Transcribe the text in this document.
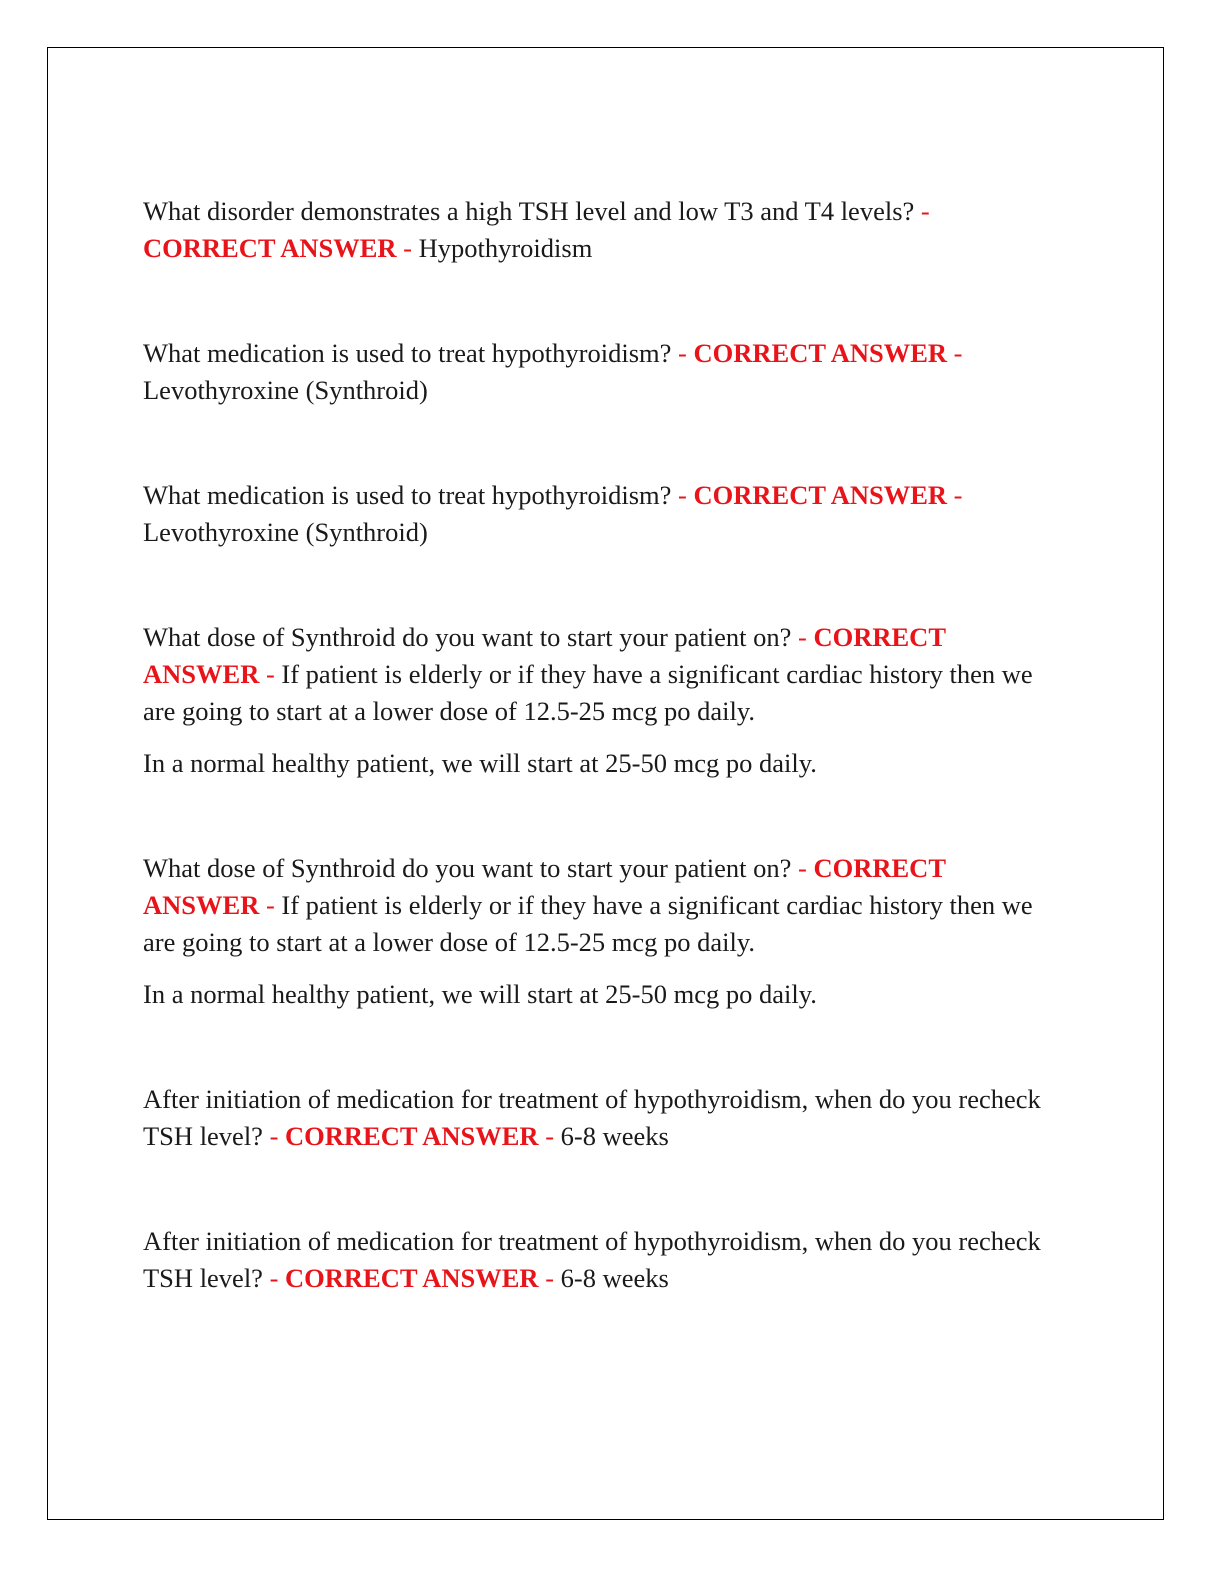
What disorder demonstrates a high TSH level and low T3 and T4 levels? - CORRECT ANSWER - Hypothyroidism

What medication is used to treat hypothyroidism? - CORRECT ANSWER - Levothyroxine (Synthroid)

What medication is used to treat hypothyroidism? - CORRECT ANSWER - Levothyroxine (Synthroid)

What dose of Synthroid do you want to start your patient on? - CORRECT ANSWER - If patient is elderly or if they have a significant cardiac history then we are going to start at a lower dose of 12.5-25 mcg po daily.

In a normal healthy patient, we will start at 25-50 mcg po daily.

What dose of Synthroid do you want to start your patient on? - CORRECT ANSWER - If patient is elderly or if they have a significant cardiac history then we are going to start at a lower dose of 12.5-25 mcg po daily.

In a normal healthy patient, we will start at 25-50 mcg po daily.

After initiation of medication for treatment of hypothyroidism, when do you recheck TSH level? - CORRECT ANSWER - 6-8 weeks

After initiation of medication for treatment of hypothyroidism, when do you recheck TSH level? - CORRECT ANSWER - 6-8 weeks
